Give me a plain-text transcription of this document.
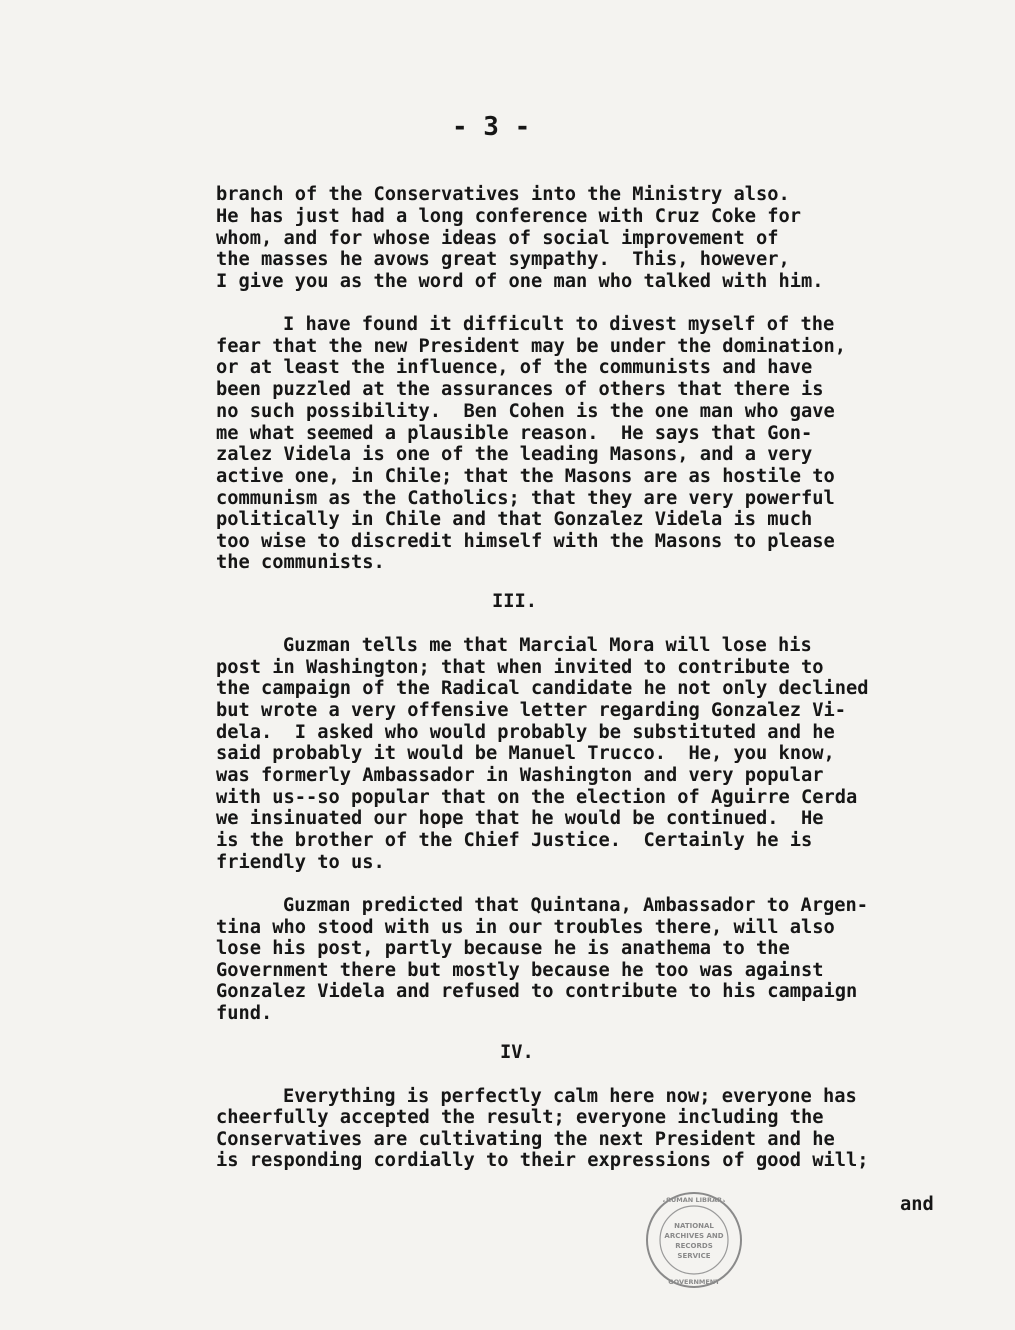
- 3 -
branch of the Conservatives into the Ministry also.
He has just had a long conference with Cruz Coke for
whom, and for whose ideas of social improvement of
the masses he avows great sympathy.  This, however,
I give you as the word of one man who talked with him.
I have found it difficult to divest myself of the
fear that the new President may be under the domination,
or at least the influence, of the communists and have
been puzzled at the assurances of others that there is
no such possibility.  Ben Cohen is the one man who gave
me what seemed a plausible reason.  He says that Gon-
zalez Videla is one of the leading Masons, and a very
active one, in Chile; that the Masons are as hostile to
communism as the Catholics; that they are very powerful
politically in Chile and that Gonzalez Videla is much
too wise to discredit himself with the Masons to please
the communists.
III.
Guzman tells me that Marcial Mora will lose his
post in Washington; that when invited to contribute to
the campaign of the Radical candidate he not only declined
but wrote a very offensive letter regarding Gonzalez Vi-
dela.  I asked who would probably be substituted and he
said probably it would be Manuel Trucco.  He, you know,
was formerly Ambassador in Washington and very popular
with us--so popular that on the election of Aguirre Cerda
we insinuated our hope that he would be continued.  He
is the brother of the Chief Justice.  Certainly he is
friendly to us.
Guzman predicted that Quintana, Ambassador to Argen-
tina who stood with us in our troubles there, will also
lose his post, partly because he is anathema to the
Government there but mostly because he too was against
Gonzalez Videla and refused to contribute to his campaign
fund.
IV.
Everything is perfectly calm here now; everyone has
cheerfully accepted the result; everyone including the
Conservatives are cultivating the next President and he
is responding cordially to their expressions of good will;
and
NATIONAL
ARCHIVES AND
RECORDS
SERVICE
TRUMAN LIBRARY
GOVERNMENT
